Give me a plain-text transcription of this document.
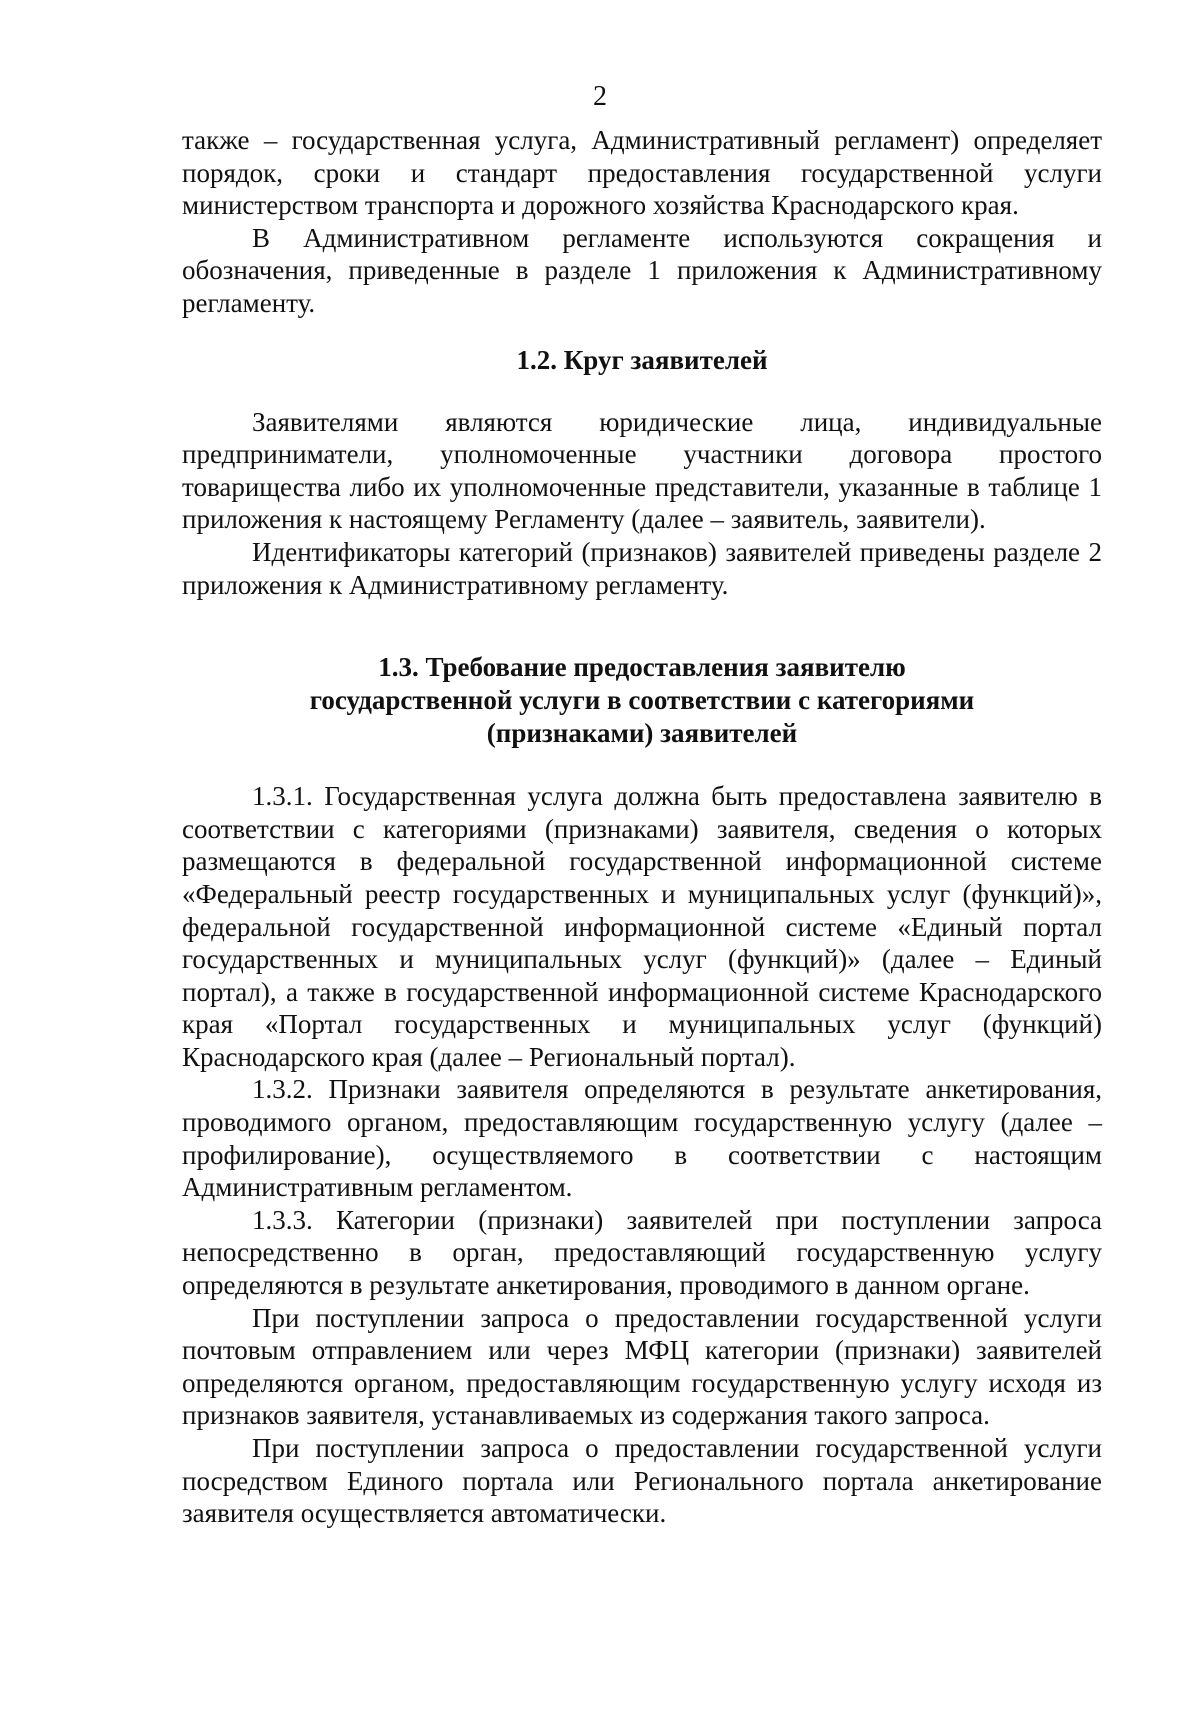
2

также – государственная услуга, Административный регламент) определяет порядок, сроки и стандарт предоставления государственной услуги министерством транспорта и дорожного хозяйства Краснодарского края.

В Административном регламенте используются сокращения и обозначения, приведенные в разделе 1 приложения к Административному регламенту.

1.2. Круг заявителей

Заявителями являются юридические лица, индивидуальные предприниматели, уполномоченные участники договора простого товарищества либо их уполномоченные представители, указанные в таблице 1 приложения к настоящему Регламенту (далее – заявитель, заявители).

Идентификаторы категорий (признаков) заявителей приведены разделе 2 приложения к Административному регламенту.

1.3. Требование предоставления заявителю
государственной услуги в соответствии с категориями
(признаками) заявителей

1.3.1. Государственная услуга должна быть предоставлена заявителю в соответствии с категориями (признаками) заявителя, сведения о которых размещаются в федеральной государственной информационной системе «Федеральный реестр государственных и муниципальных услуг (функций)», федеральной государственной информационной системе «Единый портал государственных и муниципальных услуг (функций)» (далее – Единый портал), а также в государственной информационной системе Краснодарского края «Портал государственных и муниципальных услуг (функций) Краснодарского края (далее – Региональный портал).

1.3.2. Признаки заявителя определяются в результате анкетирования, проводимого органом, предоставляющим государственную услугу (далее – профилирование), осуществляемого в соответствии с настоящим Административным регламентом.

1.3.3. Категории (признаки) заявителей при поступлении запроса непосредственно в орган, предоставляющий государственную услугу определяются в результате анкетирования, проводимого в данном органе.

При поступлении запроса о предоставлении государственной услуги почтовым отправлением или через МФЦ категории (признаки) заявителей определяются органом, предоставляющим государственную услугу исходя из признаков заявителя, устанавливаемых из содержания такого запроса.

При поступлении запроса о предоставлении государственной услуги посредством Единого портала или Регионального портала анкетирование заявителя осуществляется автоматически.
